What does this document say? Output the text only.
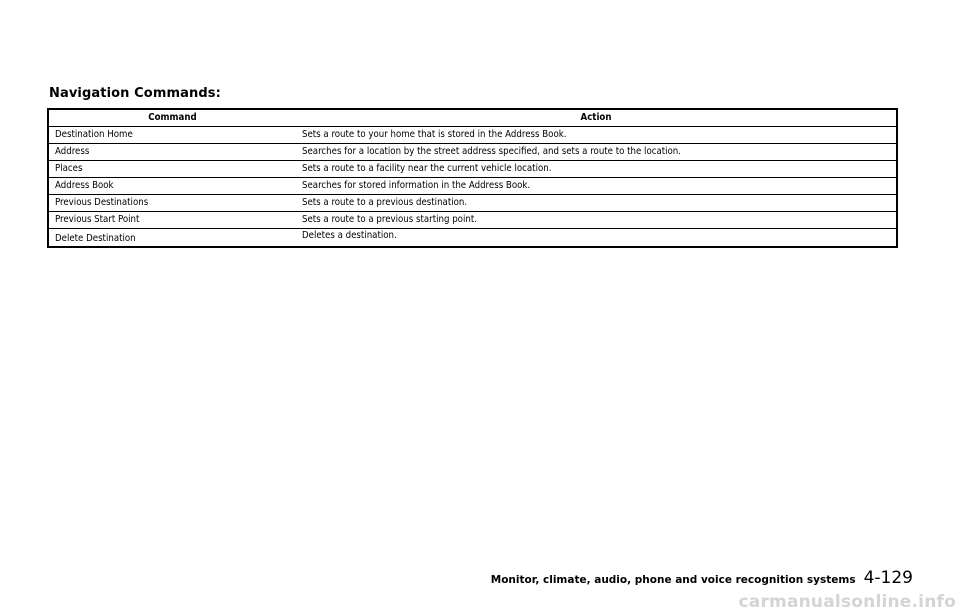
Navigation Commands:
Command	Action
Destination Home	Sets a route to your home that is stored in the Address Book.
Address	Searches for a location by the street address specified, and sets a route to the location.
Places	Sets a route to a facility near the current vehicle location.
Address Book	Searches for stored information in the Address Book.
Previous Destinations	Sets a route to a previous destination.
Previous Start Point	Sets a route to a previous starting point.
Delete Destination	Deletes a destination.
Monitor, climate, audio, phone and voice recognition systems 4-129
carmanualsonline.info
